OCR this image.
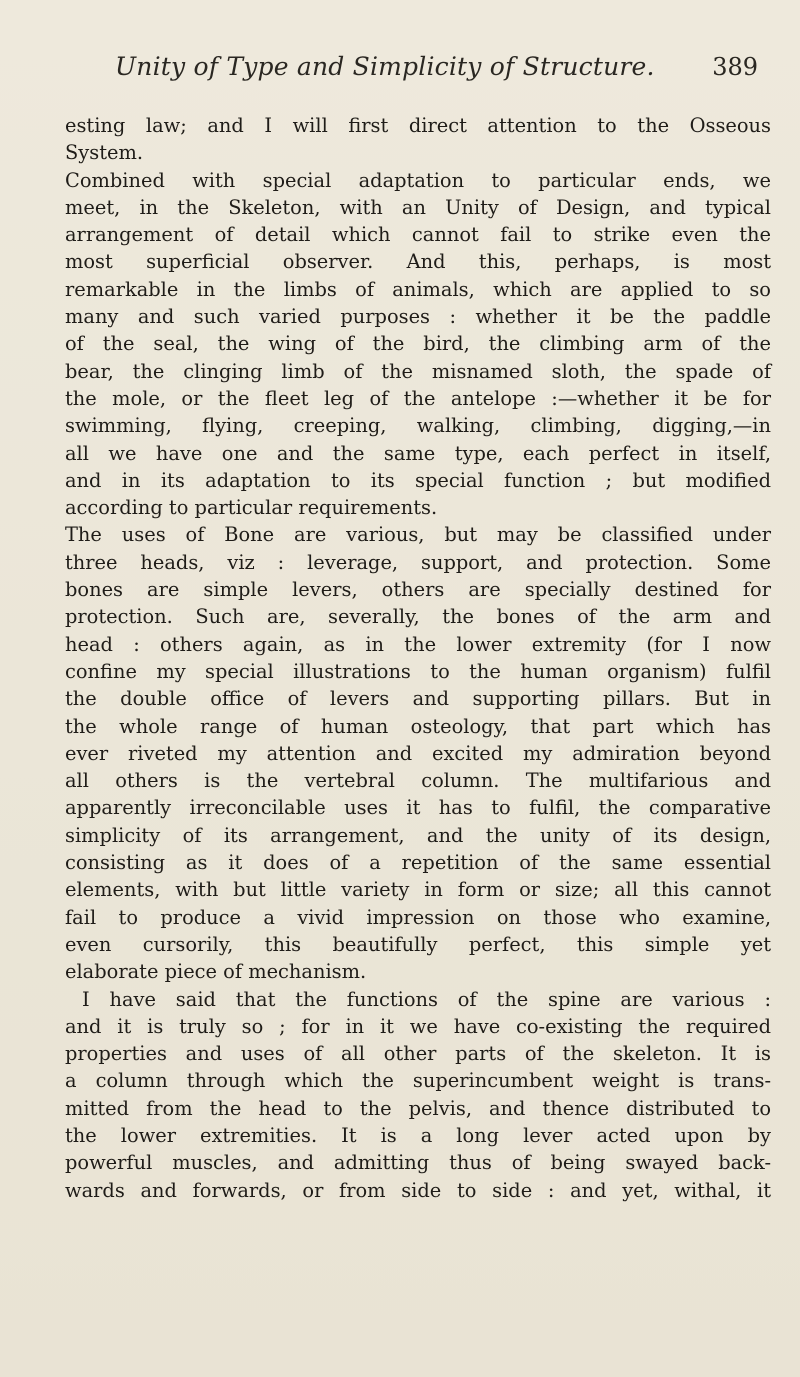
Unity of Type and Simplicity of Structure. 389
esting law; and I will first direct attention to the Osseous
System.
Combined with special adaptation to particular ends, we
meet, in the Skeleton, with an Unity of Design, and typical
arrangement of detail which cannot fail to strike even the
most superficial observer. And this, perhaps, is most
remarkable in the limbs of animals, which are applied to so
many and such varied purposes : whether it be the paddle
of the seal, the wing of the bird, the climbing arm of the
bear, the clinging limb of the misnamed sloth, the spade of
the mole, or the fleet leg of the antelope :—whether it be for
swimming, flying, creeping, walking, climbing, digging,—in
all we have one and the same type, each perfect in itself,
and in its adaptation to its special function ; but modified
according to particular requirements.
The uses of Bone are various, but may be classified under
three heads, viz : leverage, support, and protection. Some
bones are simple levers, others are specially destined for
protection. Such are, severally, the bones of the arm and
head : others again, as in the lower extremity (for I now
confine my special illustrations to the human organism) fulfil
the double office of levers and supporting pillars. But in
the whole range of human osteology, that part which has
ever riveted my attention and excited my admiration beyond
all others is the vertebral column. The multifarious and
apparently irreconcilable uses it has to fulfil, the comparative
simplicity of its arrangement, and the unity of its design,
consisting as it does of a repetition of the same essential
elements, with but little variety in form or size; all this cannot
fail to produce a vivid impression on those who examine,
even cursorily, this beautifully perfect, this simple yet
elaborate piece of mechanism.
I have said that the functions of the spine are various :
and it is truly so ; for in it we have co-existing the required
properties and uses of all other parts of the skeleton. It is
a column through which the superincumbent weight is trans-
mitted from the head to the pelvis, and thence distributed to
the lower extremities. It is a long lever acted upon by
powerful muscles, and admitting thus of being swayed back-
wards and forwards, or from side to side : and yet, withal, it
